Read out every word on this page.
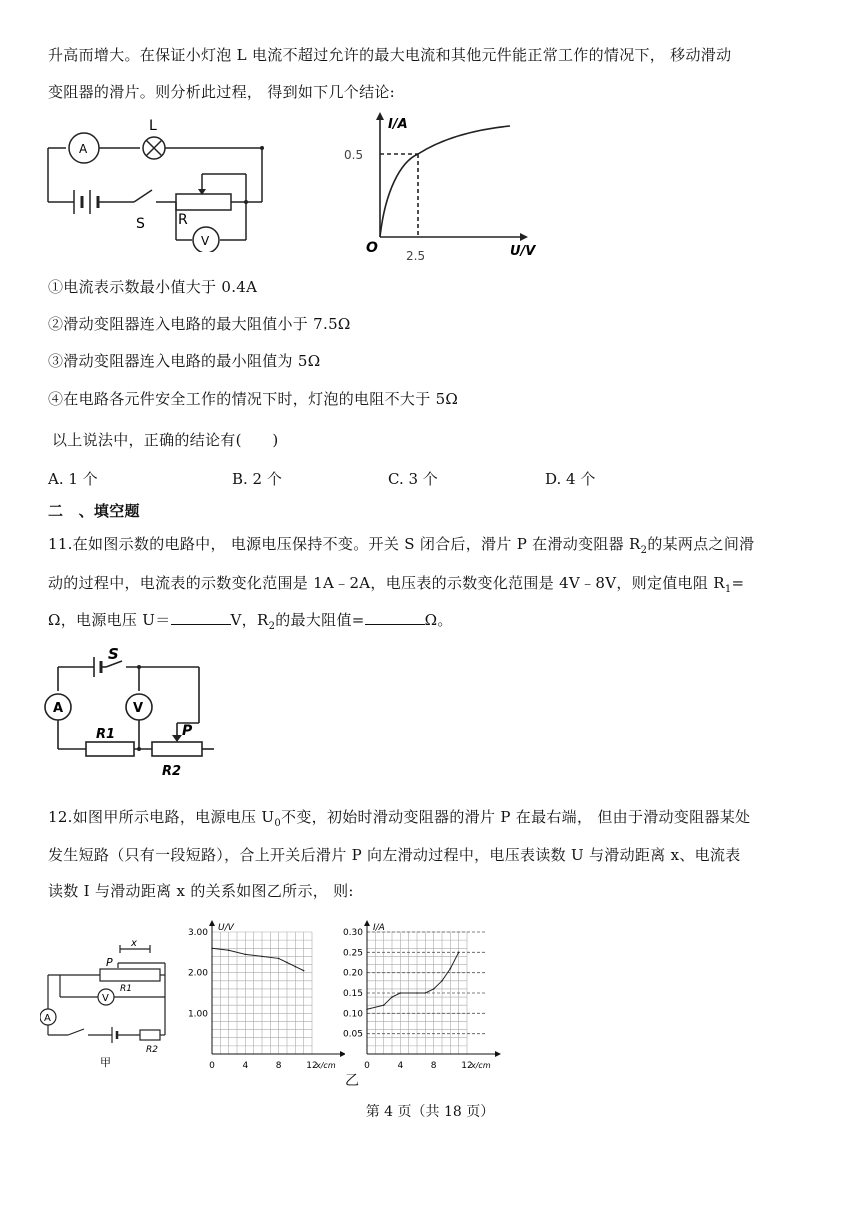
升高而增大。在保证小灯泡 L 电流不超过允许的最大电流和其他元件能正常工作的情况下， 移动滑动
变阻器的滑片。则分析此过程， 得到如下几个结论:
A
L
S R
V
I/A
U/V
O
0.5
2.5
①电流表示数最小值大于 0.4A
②滑动变阻器连入电路的最大阻值小于 7.5Ω
③滑动变阻器连入电路的最小阻值为 5Ω
④在电路各元件安全工作的情况下时，灯泡的电阻不大于 5Ω
以上说法中，正确的结论有(　　)
A. 1 个	B. 2 个	C. 3 个	D. 4 个
二　、填空题
11.在如图示数的电路中， 电源电压保持不变。开关 S 闭合后，滑片 P 在滑动变阻器 $R_2$的某两点之间滑
动的过程中，电流表的示数变化范围是 1A﹣2A，电压表的示数变化范围是 4V﹣8V，则定值电阻 $R_1=$
Ω，电源电压 U＝	V，$R_2$的最大阻值=	Ω。
S
A	V
R1	P
R2
12.如图甲所示电路，电源电压 $U_0$不变，初始时滑动变阻器的滑片 P 在最右端， 但由于滑动变阻器某处
发生短路（只有一段短路），合上开关后滑片 P 向左滑动过程中，电压表读数 U 与滑动距离 x、电流表
读数 I 与滑动距离 x 的关系如图乙所示， 则:
x
P
R1
V
A
R2
甲	0	4	8	12
1.00
2.00
3.00 U/V
x/cm	0	4	8	12
0.05
0.10
0.15
0.20
0.25
0.30 I/A
x/cm
乙
第 4 页（共 18 页）
